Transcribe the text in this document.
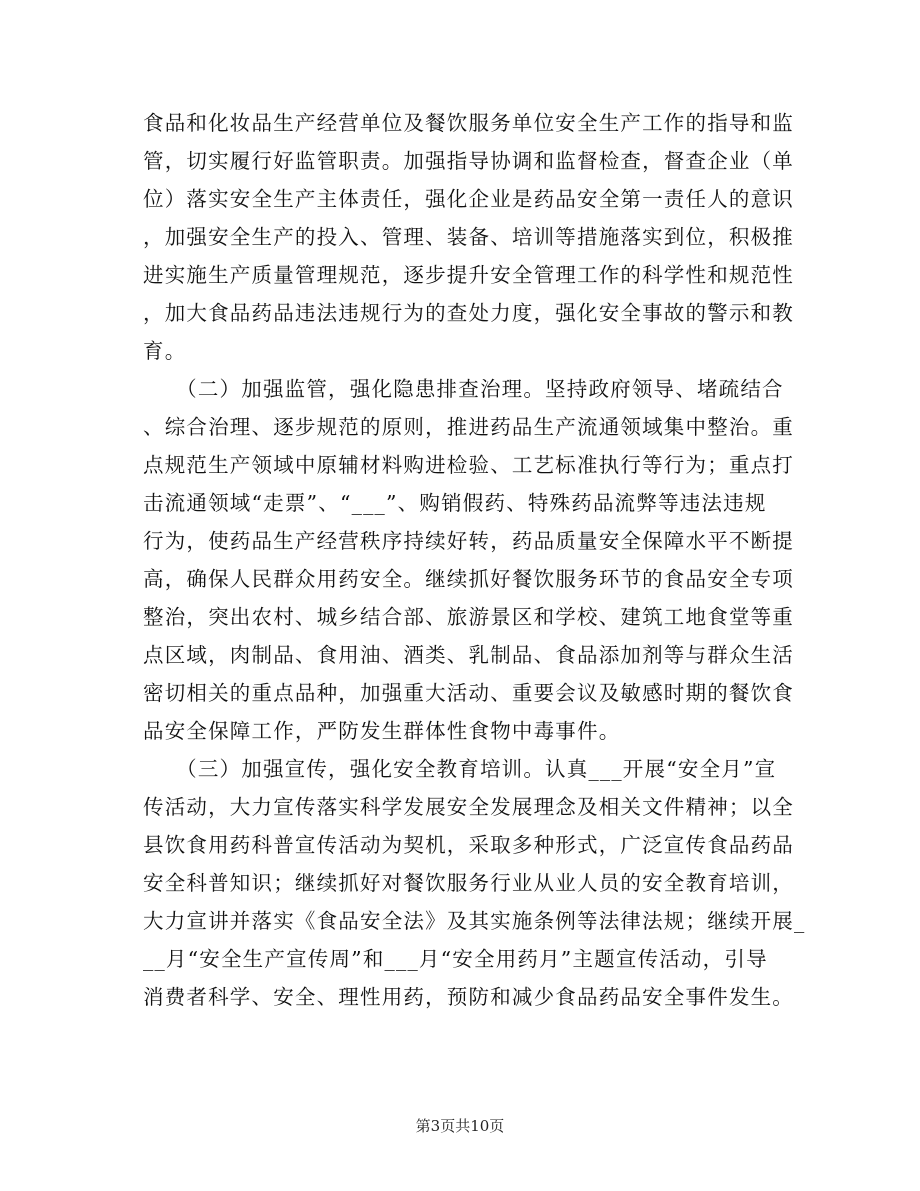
食品和化妆品生产经营单位及餐饮服务单位安全生产工作的指导和监
管，切实履行好监管职责。加强指导协调和监督检查，督查企业（单
位）落实安全生产主体责任，强化企业是药品安全第一责任人的意识
，加强安全生产的投入、管理、装备、培训等措施落实到位，积极推
进实施生产质量管理规范，逐步提升安全管理工作的科学性和规范性
，加大食品药品违法违规行为的查处力度，强化安全事故的警示和教
育。
　　（二）加强监管，强化隐患排查治理。坚持政府领导、堵疏结合
、综合治理、逐步规范的原则，推进药品生产流通领域集中整治。重
点规范生产领域中原辅材料购进检验、工艺标准执行等行为；重点打
击流通领域“走票”、“___”、购销假药、特殊药品流弊等违法违规
行为，使药品生产经营秩序持续好转，药品质量安全保障水平不断提
高，确保人民群众用药安全。继续抓好餐饮服务环节的食品安全专项
整治，突出农村、城乡结合部、旅游景区和学校、建筑工地食堂等重
点区域，肉制品、食用油、酒类、乳制品、食品添加剂等与群众生活
密切相关的重点品种，加强重大活动、重要会议及敏感时期的餐饮食
品安全保障工作，严防发生群体性食物中毒事件。
　　（三）加强宣传，强化安全教育培训。认真___开展“安全月”宣
传活动，大力宣传落实科学发展安全发展理念及相关文件精神；以全
县饮食用药科普宣传活动为契机，采取多种形式，广泛宣传食品药品
安全科普知识；继续抓好对餐饮服务行业从业人员的安全教育培训，
大力宣讲并落实《食品安全法》及其实施条例等法律法规；继续开展_
__月“安全生产宣传周”和___月“安全用药月”主题宣传活动，引导
消费者科学、安全、理性用药，预防和减少食品药品安全事件发生。
第3页共10页
